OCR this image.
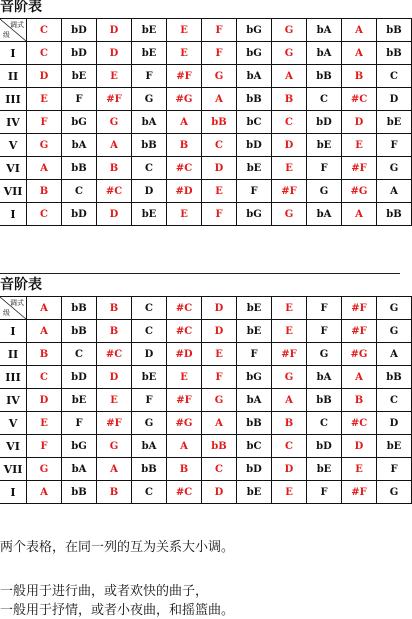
音阶表
调式
级	C	bD	D	bE	E	F	bG	G	bA	A	bB
I	C	bD	D	bE	E	F	bG	G	bA	A	bB
II	D	bE	E	F	#F	G	bA	A	bB	B	C
III	E	F	#F	G	#G	A	bB	B	C	#C	D
IV	F	bG	G	bA	A	bB	bC	C	bD	D	bE
V	G	bA	A	bB	B	C	bD	D	bE	E	F
VI	A	bB	B	C	#C	D	bE	E	F	#F	G
VII	B	C	#C	D	#D	E	F	#F	G	#G	A
I	C	bD	D	bE	E	F	bG	G	bA	A	bB
音阶表
调式
级	A	bB	B	C	#C	D	bE	E	F	#F	G
I	A	bB	B	C	#C	D	bE	E	F	#F	G
II	B	C	#C	D	#D	E	F	#F	G	#G	A
III	C	bD	D	bE	E	F	bG	G	bA	A	bB
IV	D	bE	E	F	#F	G	bA	A	bB	B	C
V	E	F	#F	G	#G	A	bB	B	C	#C	D
VI	F	bG	G	bA	A	bB	bC	C	bD	D	bE
VII	G	bA	A	bB	B	C	bD	D	bE	E	F
I	A	bB	B	C	#C	D	bE	E	F	#F	G
两个表格，在同一列的互为关系大小调。
一般用于进行曲，或者欢快的曲子，
一般用于抒情，或者小夜曲，和摇篮曲。
